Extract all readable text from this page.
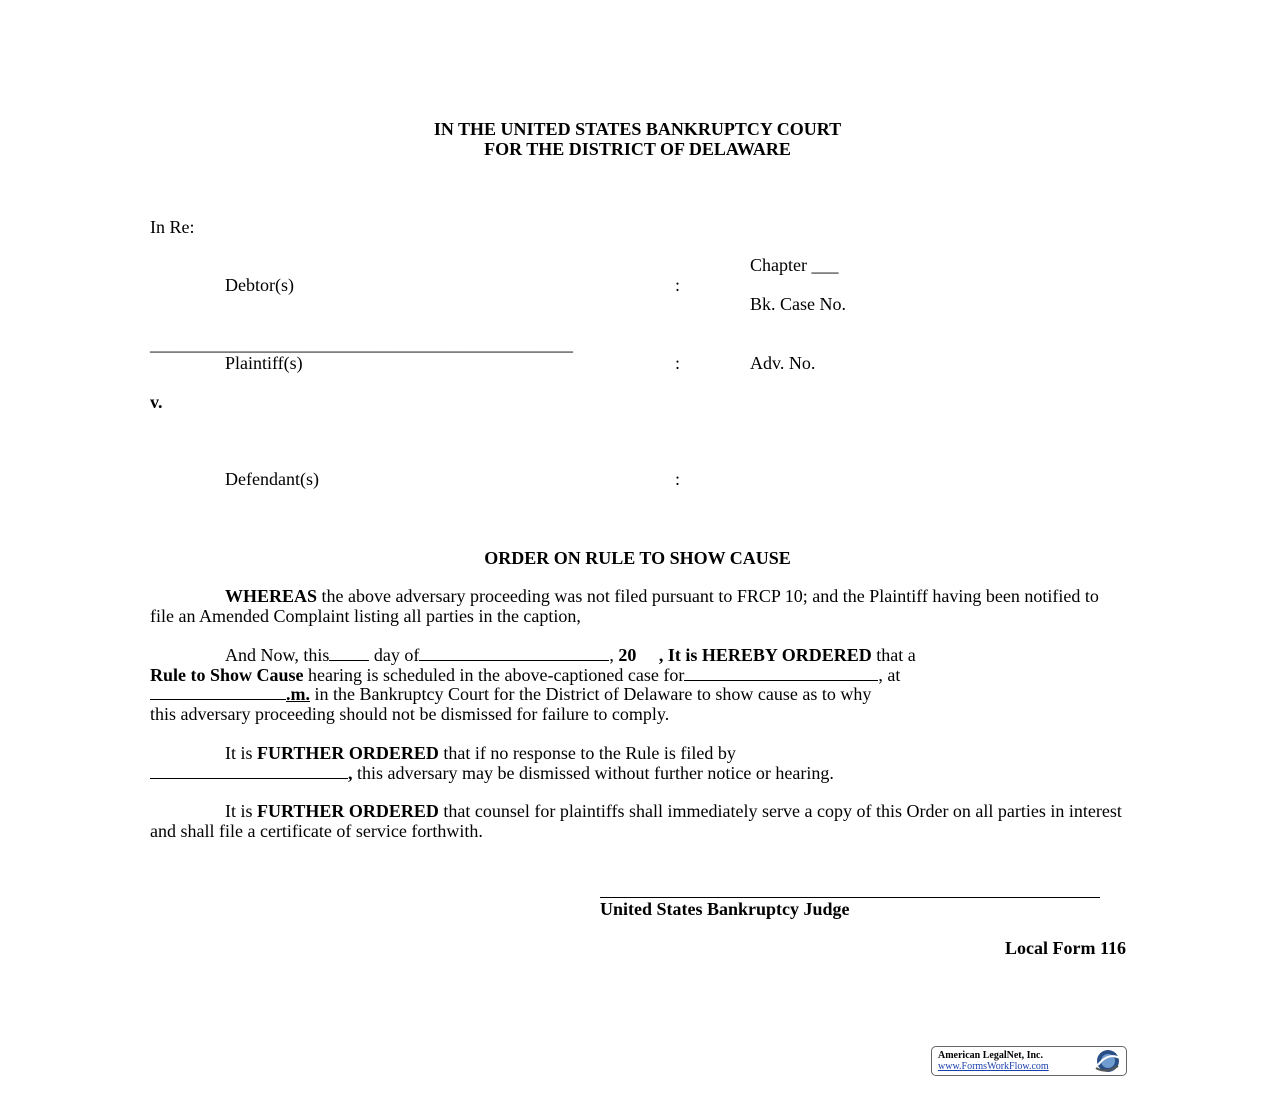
IN THE UNITED STATES BANKRUPTCY COURT
FOR THE DISTRICT OF DELAWARE
In Re:
Chapter ___
Debtor(s)	:
Bk. Case No.
_______________________________________________
Plaintiff(s)	:	Adv. No.
v.
Defendant(s)	:
ORDER ON RULE TO SHOW CAUSE
WHEREAS the above adversary proceeding was not filed pursuant to FRCP 10; and the Plaintiff having been notified to file an Amended Complaint listing all parties in the caption,
And Now, this day of	, 20 , It is HEREBY ORDERED that a
Rule to Show Cause hearing is scheduled in the above-captioned case for	, at
.m. in the Bankruptcy Court for the District of Delaware to show cause as to why
this adversary proceeding should not be dismissed for failure to comply.
It is FURTHER ORDERED that if no response to the Rule is filed by
, this adversary may be dismissed without further notice or hearing.
It is FURTHER ORDERED that counsel for plaintiffs shall immediately serve a copy of this Order on all parties in interest and shall file a certificate of service forthwith.
United States Bankruptcy Judge
Local Form 116
American LegalNet, Inc.
www.FormsWorkFlow.com
